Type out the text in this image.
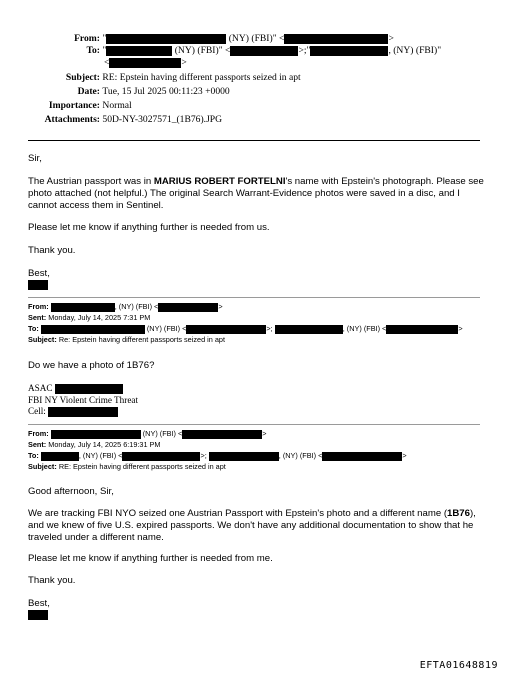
From: "	(NY) (FBI)" <	>
To: "	(NY) (FBI)" <	>;"	, (NY) (FBI)"
<	>
Subject: RE: Epstein having different passports seized in apt
Date: Tue, 15 Jul 2025 00:11:23 +0000
Importance: Normal
Attachments: 50D-NY-3027571_(1B76).JPG
Sir,
The Austrian passport was in MARIUS ROBERT FORTELNI's name with Epstein's photograph. Please see photo attached (not helpful.) The original Search Warrant-Evidence photos were saved in a disc, and I cannot access them in Sentinel.
Please let me know if anything further is needed from us.
Thank you.
Best,
From:	, (NY) (FBI) <	>
Sent: Monday, July 14, 2025 7:31 PM
To:	(NY) (FBI) <	>;	, (NY) (FBI) <	>
Subject: Re: Epstein having different passports seized in apt
Do we have a photo of 1B76?
ASAC
FBI NY Violent Crime Threat
Cell:
From:	(NY) (FBI) <	>
Sent: Monday, July 14, 2025 6:19:31 PM
To:	, (NY) (FBI) <	>;	, (NY) (FBI) <	>
Subject: RE: Epstein having different passports seized in apt
Good afternoon, Sir,
We are tracking FBI NYO seized one Austrian Passport with Epstein's photo and a different name (1B76), and we knew of five U.S. expired passports. We don't have any additional documentation to show that he traveled under a different name.
Please let me know if anything further is needed from me.
Thank you.
Best,
EFTA01648819
